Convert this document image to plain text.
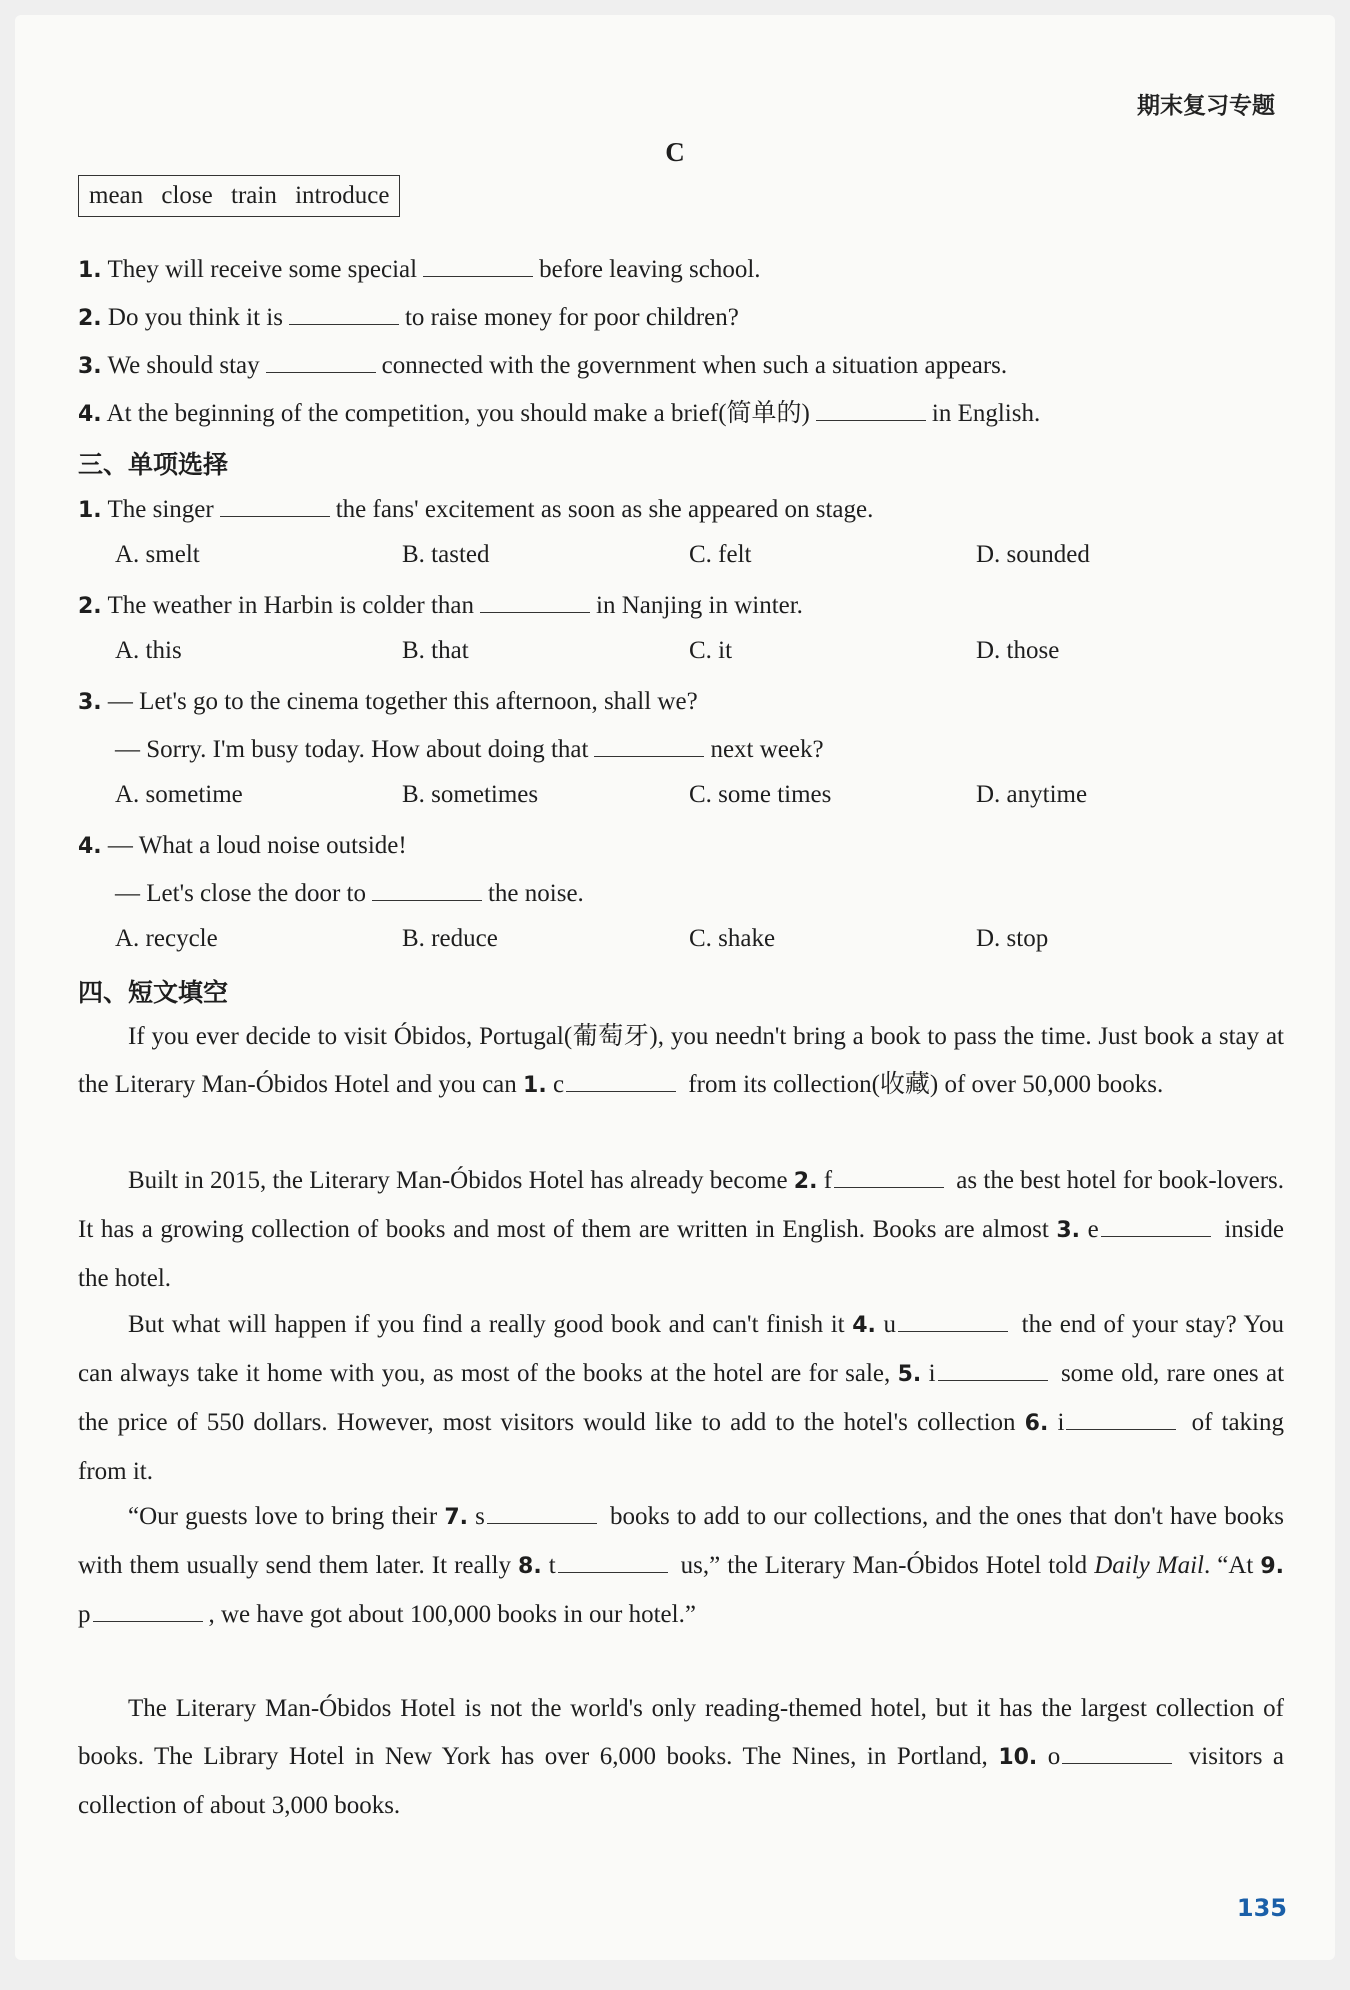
期末复习专题
C
mean close train introduce
1. They will receive some special	before leaving school.
2. Do you think it is	to raise money for poor children?
3. We should stay	connected with the government when such a situation appears.
4. At the beginning of the competition, you should make a brief(简单的)	in English.
三、单项选择
1. The singer	the fans' excitement as soon as she appeared on stage.
A. smelt	B. tasted	C. felt	D. sounded
2. The weather in Harbin is colder than	in Nanjing in winter.
A. this	B. that	C. it	D. those
3. — Let's go to the cinema together this afternoon, shall we?
— Sorry. I'm busy today. How about doing that	next week?
A. sometime	B. sometimes	C. some times	D. anytime
4. — What a loud noise outside!
— Let's close the door to	the noise.
A. recycle	B. reduce	C. shake	D. stop
四、短文填空
If you ever decide to visit Óbidos, Portugal(葡萄牙), you needn't bring a book to pass the time. Just book a stay at the Literary Man-Óbidos Hotel and you can 1. c	from its collection(收藏) of over 50,000 books.
Built in 2015, the Literary Man-Óbidos Hotel has already become 2. f	as the best hotel for book-lovers. It has a growing collection of books and most of them are written in English. Books are almost 3. e	inside the hotel.
But what will happen if you find a really good book and can't finish it 4. u	the end of your stay? You can always take it home with you, as most of the books at the hotel are for sale, 5. i	some old, rare ones at the price of 550 dollars. However, most visitors would like to add to the hotel's collection 6. i	of taking from it.
“Our guests love to bring their 7. s	books to add to our collections, and the ones that don't have books with them usually send them later. It really 8. t	us,” the Literary Man-Óbidos Hotel told Daily Mail. “At 9. p	, we have got about 100,000 books in our hotel.”
The Literary Man-Óbidos Hotel is not the world's only reading-themed hotel, but it has the largest collection of books. The Library Hotel in New York has over 6,000 books. The Nines, in Portland, 10. o	visitors a collection of about 3,000 books.
135
